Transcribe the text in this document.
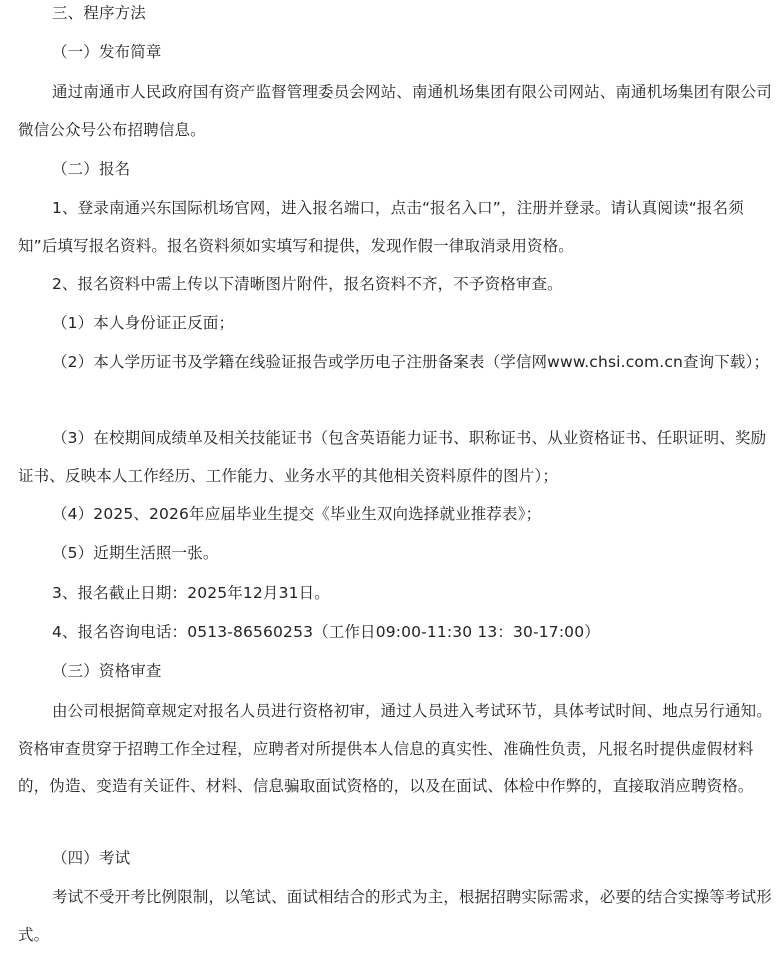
三、程序方法

（一）发布简章

通过南通市人民政府国有资产监督管理委员会网站、南通机场集团有限公司网站、南通机场集团有限公司微信公众号公布招聘信息。

（二）报名

1、登录南通兴东国际机场官网，进入报名端口，点击“报名入口”，注册并登录。请认真阅读“报名须知”后填写报名资料。报名资料须如实填写和提供，发现作假一律取消录用资格。

2、报名资料中需上传以下清晰图片附件，报名资料不齐，不予资格审查。

（1）本人身份证正反面；

（2）本人学历证书及学籍在线验证报告或学历电子注册备案表（学信网www.chsi.com.cn查询下载）；

（3）在校期间成绩单及相关技能证书（包含英语能力证书、职称证书、从业资格证书、任职证明、奖励证书、反映本人工作经历、工作能力、业务水平的其他相关资料原件的图片）；

（4）2025、2026年应届毕业生提交《毕业生双向选择就业推荐表》；

（5）近期生活照一张。

3、报名截止日期：2025年12月31日。

4、报名咨询电话：0513-86560253（工作日09:00-11:30 13：30-17:00）

（三）资格审查

由公司根据简章规定对报名人员进行资格初审，通过人员进入考试环节，具体考试时间、地点另行通知。资格审查贯穿于招聘工作全过程，应聘者对所提供本人信息的真实性、准确性负责，凡报名时提供虚假材料的，伪造、变造有关证件、材料、信息骗取面试资格的，以及在面试、体检中作弊的，直接取消应聘资格。

（四）考试

考试不受开考比例限制，以笔试、面试相结合的形式为主，根据招聘实际需求，必要的结合实操等考试形式。
